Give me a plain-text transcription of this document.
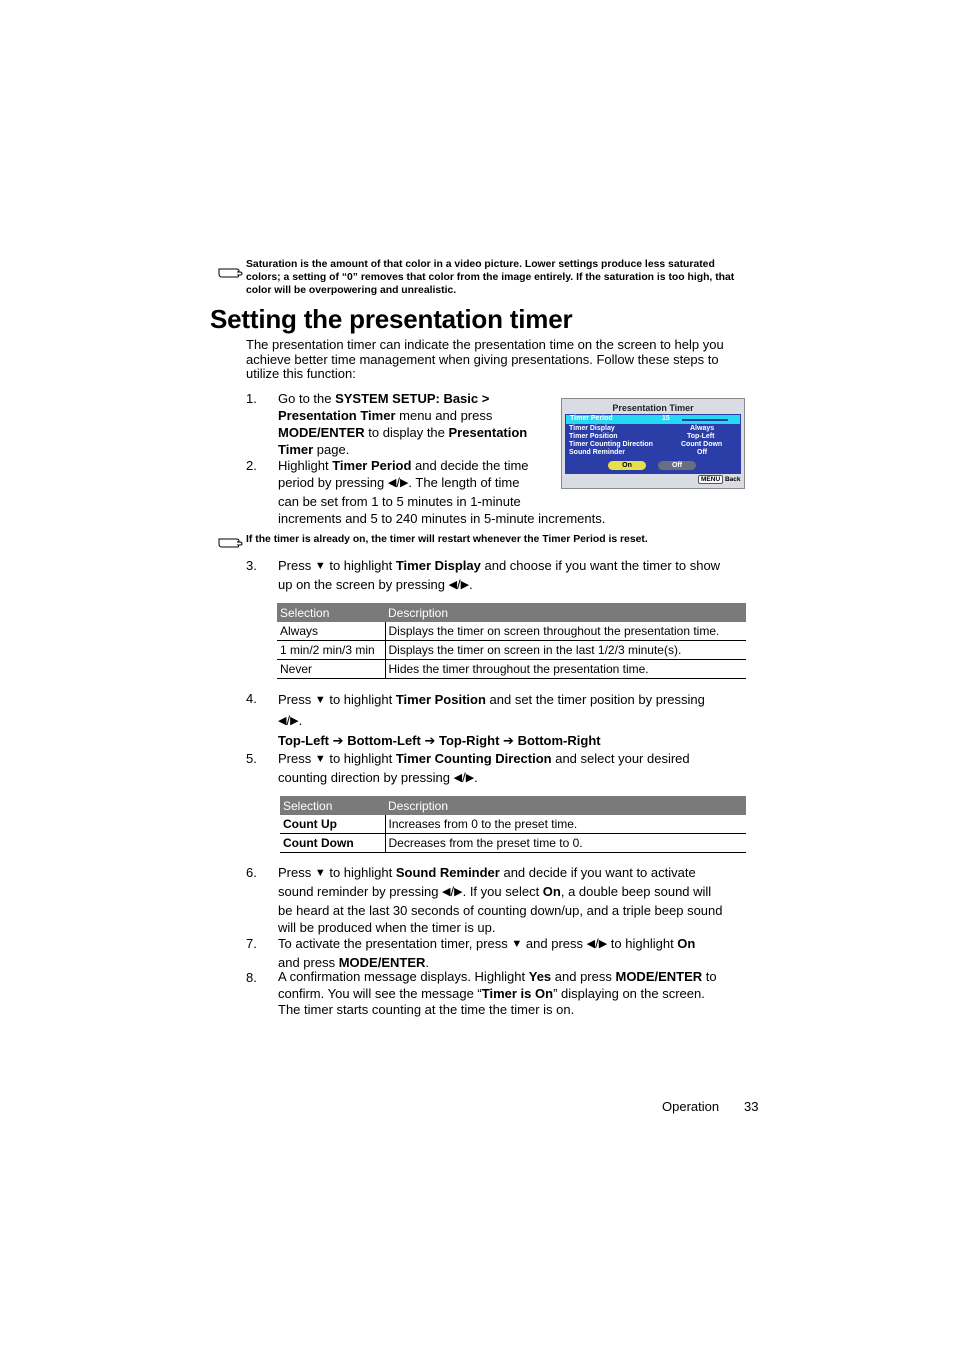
Saturation is the amount of that color in a video picture. Lower settings produce less saturated colors; a setting of “0” removes that color from the image entirely. If the saturation is too high, that color will be overpowering and unrealistic.
Setting the presentation timer
The presentation timer can indicate the presentation time on the screen to help you achieve better time management when giving presentations. Follow these steps to utilize this function:
1. Go to the SYSTEM SETUP: Basic >
Presentation Timer menu and press
MODE/ENTER to display the Presentation
Timer page.
2. Highlight Timer Period and decide the time
period by pressing ◀/▶. The length of time
can be set from 1 to 5 minutes in 1-minute
increments and 5 to 240 minutes in 5-minute increments.
Presentation Timer
Timer Period	15
Timer Display	Always
Timer Position	Top-Left
Timer Counting Direction	Count Down
Sound Reminder	Off
On	Off
MENU Back
If the timer is already on, the timer will restart whenever the Timer Period is reset.
3. Press ▼ to highlight Timer Display and choose if you want the timer to show
up on the screen by pressing ◀/▶.
Selection	Description
Always	Displays the timer on screen throughout the presentation time.
1 min/2 min/3 min	Displays the timer on screen in the last 1/2/3 minute(s).
Never	Hides the timer throughout the presentation time.
4. Press ▼ to highlight Timer Position and set the timer position by pressing
◀/▶.
Top-Left ➔ Bottom-Left ➔ Top-Right ➔ Bottom-Right
5. Press ▼ to highlight Timer Counting Direction and select your desired
counting direction by pressing ◀/▶.
Selection	Description
Count Up	Increases from 0 to the preset time.
Count Down	Decreases from the preset time to 0.
6. Press ▼ to highlight Sound Reminder and decide if you want to activate
sound reminder by pressing ◀/▶. If you select On, a double beep sound will
be heard at the last 30 seconds of counting down/up, and a triple beep sound
will be produced when the timer is up.
7. To activate the presentation timer, press ▼ and press ◀/▶ to highlight On
and press MODE/ENTER.
8. A confirmation message displays. Highlight Yes and press MODE/ENTER to
confirm. You will see the message “Timer is On” displaying on the screen.
The timer starts counting at the time the timer is on.
Operation 33
